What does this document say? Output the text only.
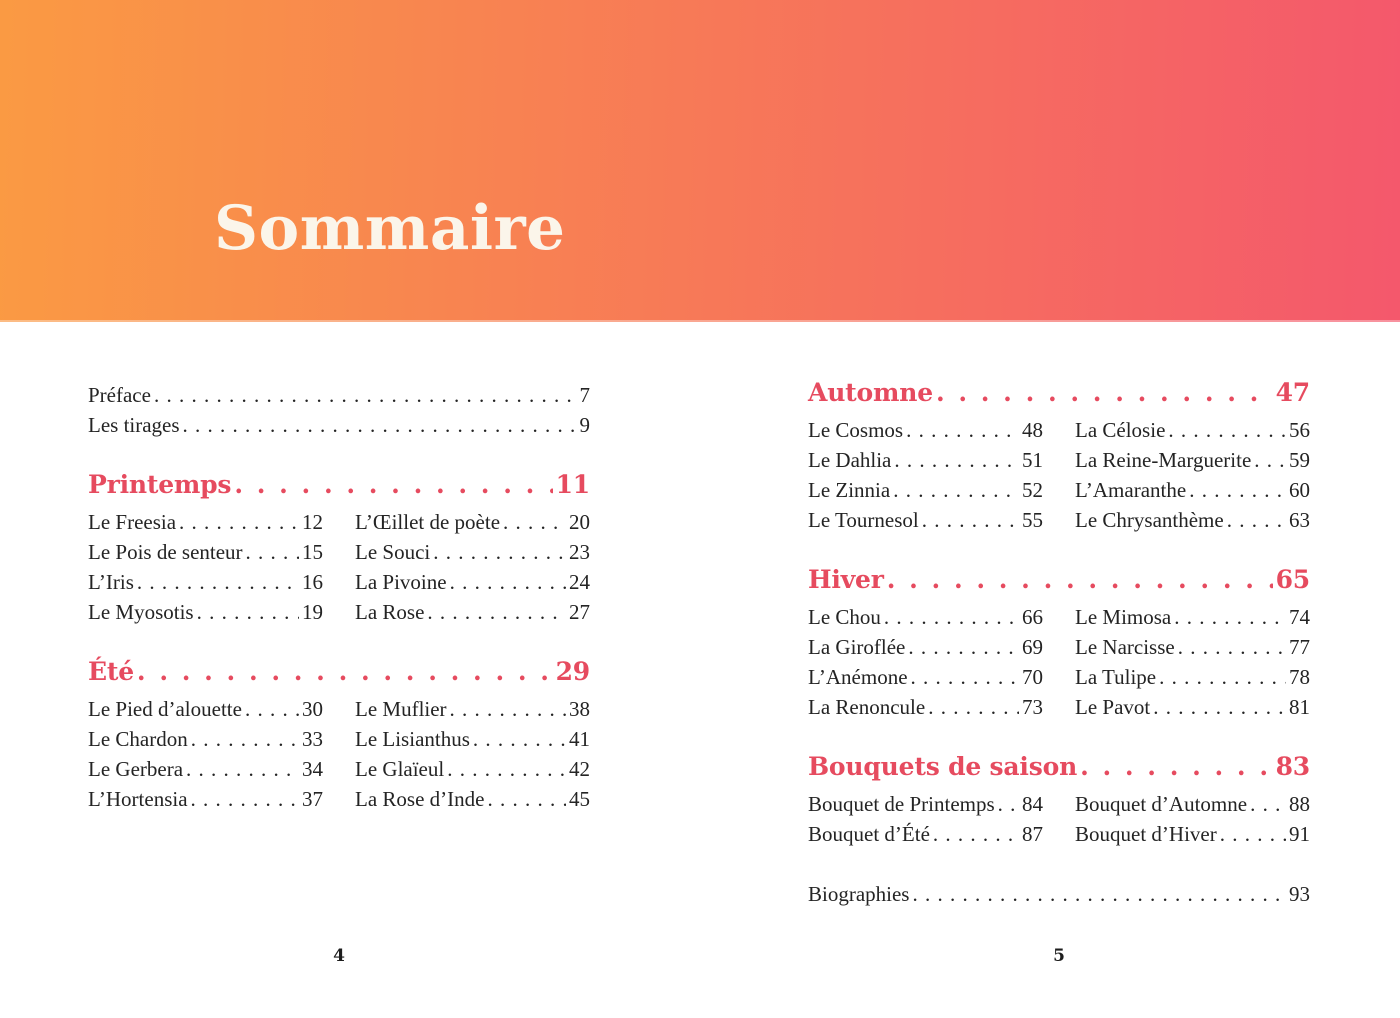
Sommaire
Préface . . .	7
Les tirages . . .	9
Printemps . . .	11
Le Freesia . . .	12
Le Pois de senteur . . .	15
L’Iris . . .	16
Le Myosotis . . .	19
L’Œillet de poète . . .	20
Le Souci . . .	23
La Pivoine . . .	24
La Rose . . .	27
Été . . .	29
Le Pied d’alouette . . .	30
Le Chardon . . .	33
Le Gerbera . . .	34
L’Hortensia . . .	37
Le Muflier . . .	38
Le Lisianthus . . .	41
Le Glaïeul . . .	42
La Rose d’Inde . . .	45
4
Automne . . .	47
Le Cosmos . . .	48
Le Dahlia . . .	51
Le Zinnia . . .	52
Le Tournesol . . .	55
La Célosie . . .	56
La Reine-Marguerite . . . 59
L’Amaranthe . . .	60
Le Chrysanthème . . .	63
Hiver . . .	65
Le Chou . . .	66
La Giroflée . . .	69
L’Anémone . . .	70
La Renoncule . . .	73
Le Mimosa . . .	74
Le Narcisse . . .	77
La Tulipe . . .	78
Le Pavot . . .	81
Bouquets de saison . . .	83
Bouquet de Printemps . . . 84
Bouquet d’Été . . .	87
Bouquet d’Automne . . . 88
Bouquet d’Hiver . . .	91
Biographies . . .	93
5
